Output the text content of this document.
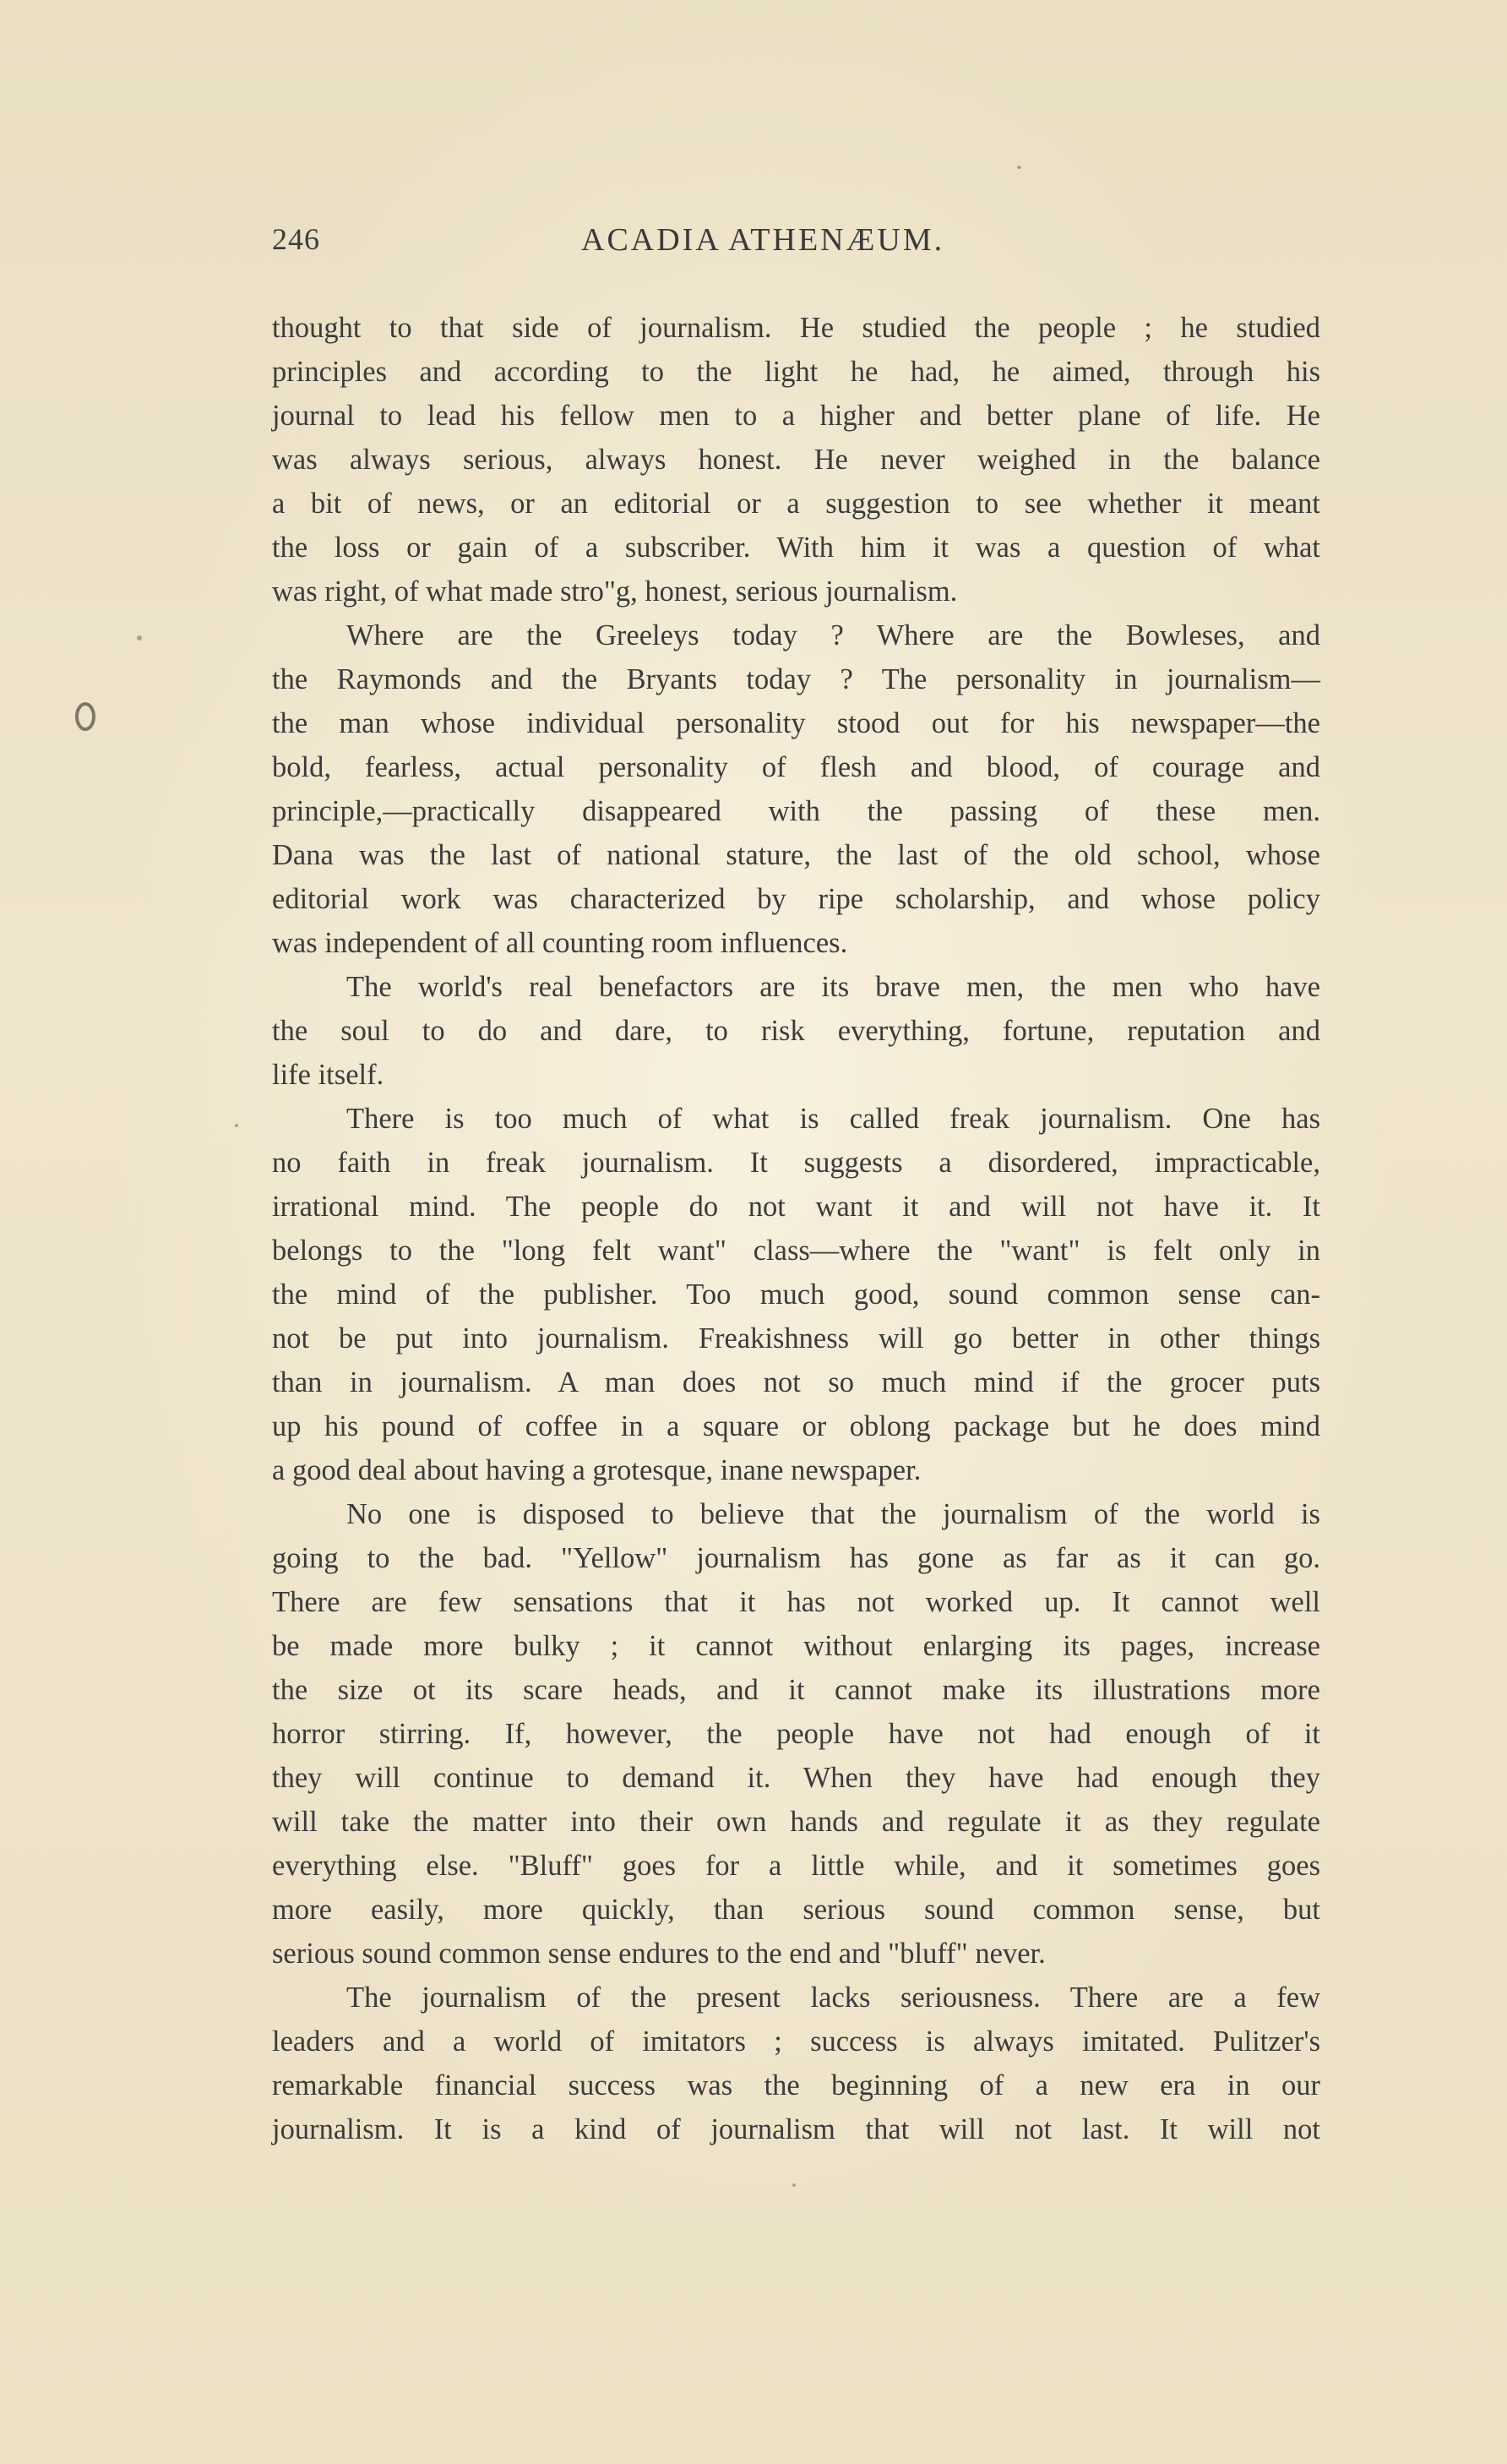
246	ACADIA ATHENÆUM.
thought to that side of journalism. He studied the people ; he studied
principles and according to the light he had, he aimed, through his
journal to lead his fellow men to a higher and better plane of life. He
was always serious, always honest. He never weighed in the balance
a bit of news, or an editorial or a suggestion to see whether it meant
the loss or gain of a subscriber. With him it was a question of what
was right, of what made stro"g, honest, serious journalism.
Where are the Greeleys today ? Where are the Bowleses, and
the Raymonds and the Bryants today ? The personality in journalism—
the man whose individual personality stood out for his newspaper—the
bold, fearless, actual personality of flesh and blood, of courage and
principle,—practically disappeared with the passing of these men.
Dana was the last of national stature, the last of the old school, whose
editorial work was characterized by ripe scholarship, and whose policy
was independent of all counting room influences.
The world's real benefactors are its brave men, the men who have
the soul to do and dare, to risk everything, fortune, reputation and
life itself.
There is too much of what is called freak journalism. One has
no faith in freak journalism. It suggests a disordered, impracticable,
irrational mind. The people do not want it and will not have it. It
belongs to the "long felt want" class—where the "want" is felt only in
the mind of the publisher. Too much good, sound common sense can-
not be put into journalism. Freakishness will go better in other things
than in journalism. A man does not so much mind if the grocer puts
up his pound of coffee in a square or oblong package but he does mind
a good deal about having a grotesque, inane newspaper.
No one is disposed to believe that the journalism of the world is
going to the bad. "Yellow" journalism has gone as far as it can go.
There are few sensations that it has not worked up. It cannot well
be made more bulky ; it cannot without enlarging its pages, increase
the size ot its scare heads, and it cannot make its illustrations more
horror stirring. If, however, the people have not had enough of it
they will continue to demand it. When they have had enough they
will take the matter into their own hands and regulate it as they regulate
everything else. "Bluff" goes for a little while, and it sometimes goes
more easily, more quickly, than serious sound common sense, but
serious sound common sense endures to the end and "bluff" never.
The journalism of the present lacks seriousness. There are a few
leaders and a world of imitators ; success is always imitated. Pulitzer's
remarkable financial success was the beginning of a new era in our
journalism. It is a kind of journalism that will not last. It will not
